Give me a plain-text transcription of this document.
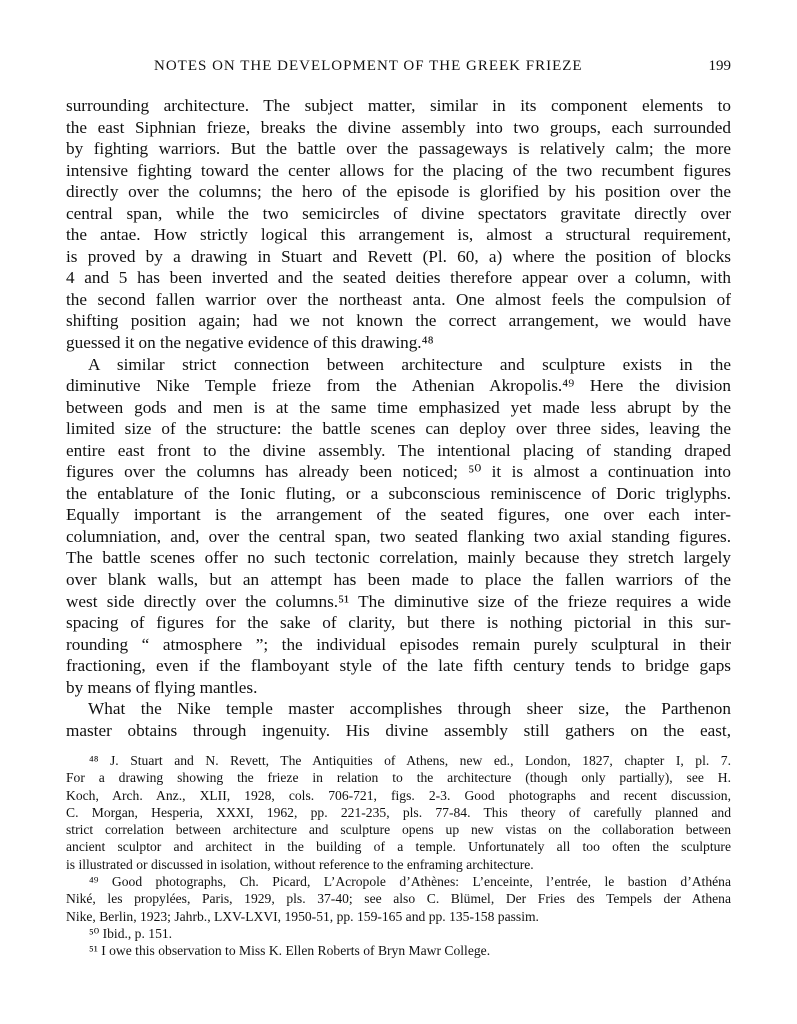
NOTES ON THE DEVELOPMENT OF THE GREEK FRIEZE	199
surrounding architecture. The subject matter, similar in its component elements to
the east Siphnian frieze, breaks the divine assembly into two groups, each surrounded
by fighting warriors. But the battle over the passageways is relatively calm; the more
intensive fighting toward the center allows for the placing of the two recumbent figures
directly over the columns; the hero of the episode is glorified by his position over the
central span, while the two semicircles of divine spectators gravitate directly over
the antae. How strictly logical this arrangement is, almost a structural requirement,
is proved by a drawing in Stuart and Revett (Pl. 60, a) where the position of blocks
4 and 5 has been inverted and the seated deities therefore appear over a column, with
the second fallen warrior over the northeast anta. One almost feels the compulsion of
shifting position again; had we not known the correct arrangement, we would have
guessed it on the negative evidence of this drawing.⁴⁸
A similar strict connection between architecture and sculpture exists in the
diminutive Nike Temple frieze from the Athenian Akropolis.⁴⁹ Here the division
between gods and men is at the same time emphasized yet made less abrupt by the
limited size of the structure: the battle scenes can deploy over three sides, leaving the
entire east front to the divine assembly. The intentional placing of standing draped
figures over the columns has already been noticed; ⁵⁰ it is almost a continuation into
the entablature of the Ionic fluting, or a subconscious reminiscence of Doric triglyphs.
Equally important is the arrangement of the seated figures, one over each inter-
columniation, and, over the central span, two seated flanking two axial standing figures.
The battle scenes offer no such tectonic correlation, mainly because they stretch largely
over blank walls, but an attempt has been made to place the fallen warriors of the
west side directly over the columns.⁵¹ The diminutive size of the frieze requires a wide
spacing of figures for the sake of clarity, but there is nothing pictorial in this sur-
rounding “ atmosphere ”; the individual episodes remain purely sculptural in their
fractioning, even if the flamboyant style of the late fifth century tends to bridge gaps
by means of flying mantles.
What the Nike temple master accomplishes through sheer size, the Parthenon
master obtains through ingenuity. His divine assembly still gathers on the east,
⁴⁸ J. Stuart and N. Revett, The Antiquities of Athens, new ed., London, 1827, chapter I, pl. 7.
For a drawing showing the frieze in relation to the architecture (though only partially), see H.
Koch, Arch. Anz., XLII, 1928, cols. 706-721, figs. 2-3. Good photographs and recent discussion,
C. Morgan, Hesperia, XXXI, 1962, pp. 221-235, pls. 77-84. This theory of carefully planned and
strict correlation between architecture and sculpture opens up new vistas on the collaboration between
ancient sculptor and architect in the building of a temple. Unfortunately all too often the sculpture
is illustrated or discussed in isolation, without reference to the enframing architecture.
⁴⁹ Good photographs, Ch. Picard, L’Acropole d’Athènes: L’enceinte, l’entrée, le bastion d’Athéna
Niké, les propylées, Paris, 1929, pls. 37-40; see also C. Blümel, Der Fries des Tempels der Athena
Nike, Berlin, 1923; Jahrb., LXV-LXVI, 1950-51, pp. 159-165 and pp. 135-158 passim.
⁵⁰ Ibid., p. 151.
⁵¹ I owe this observation to Miss K. Ellen Roberts of Bryn Mawr College.
